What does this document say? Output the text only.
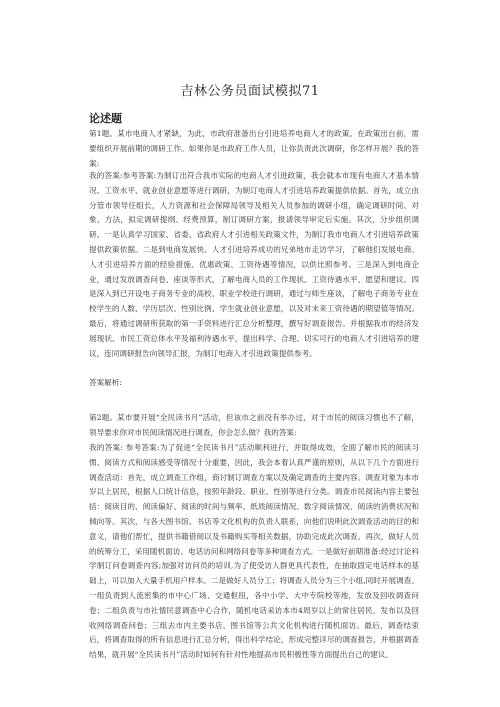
吉林公务员面试模拟71
论述题
第1题。某市电商人才紧缺，为此，市政府准备出台引进培养电商人才的政策。在政策出台前，需要组织开展前期的调研工作。如果你是市政府工作人员，让你负责此次调研，你怎样开展？我的答案:
我的答案:参考答案:为制订出符合我市实际的电商人才引进政策，我会就本市现有电商人才基本情况、工资水平、就业创业意愿等进行调研，为制订电商人才引进培养政策提供依据。首先，成立由分管市领导任组长，人力资源和社会保障局领导及相关人员参加的调研小组，确定调研时间、对象、方法，拟定调研提纲、经费预算，制订调研方案，报请领导审定后实施。其次，分步组织调研。一是认真学习国家、省委、省政府人才引进相关政策文件，为制订我市电商人才引进培养政策提供政策依据。二是到电商发展快、人才引进培养成功的兄弟地市走访学习，了解他们发展电商、人才引进培养方面的经验措施、优惠政策、工资待遇等情况，以供比照参考。三是深入到电商企业，通过发放调查问卷、座谈等形式，了解电商人员的工作现状、工资待遇水平、愿望和建议。四是深入到已开设电子商务专业的高校、职业学校进行调研，通过与师生座谈，了解电子商务专业在校学生的人数、学历层次、性别比例、学生就业创业意愿，以及对未来工资待遇的期望值等情况。最后，将通过调研所获取的第一手资料进行汇总分析整理，撰写好调查报告。并根据我市的经济发展现状、市民工资总体水平及福利待遇水平，提出科学、合理、切实可行的电商人才引进培养的建议，连同调研报告向领导汇报，为制订电商人才引进政策提供参考。
答案解析:
第2题。某市要开展“全民读书月”活动，但该市之前没有举办过，对于市民的阅读习惯也不了解，领导要求你对市民阅读情况进行调查，你会怎么做？我的答案:
我的答案: 参考答案:为了促进“全民读书月”活动顺利进行，并取得成效，全面了解市民的阅读习惯、阅读方式和阅读感受等情况十分重要，因此，我会本着认真严谨的原则，从以下几个方面进行调查活动：首先，成立调查工作组，商讨制订调查方案以及确定调查的主要内容。调查对象为本市岁以上居民，根据人口统计信息，按照年龄段、职业、性别等进行分类。调查市民阅读内容主要包括：阅读目的、阅读偏好、阅读的时间与频率、纸质阅读情况、数字阅读情况、阅读的消费状况和倾向等。其次，与各大图书馆、书店等文化机构的负责人联系，向他们说明此次调查活动的目的和意义，请他们帮忙，提供书籍借阅以及书籍购买等相关数据，协助完成此次调查。再次，做好人员的统筹分工，采用随机面访、电话访问和网络问卷等多种调查方式。一是做好前期准备:经过讨论科学制订问卷调查内容;加强对访问员的培训,为了使受访人群更具代表性，在抽取固定电话样本的基础上，可以加入大量手机用户样本。二是做好人员分工；将调查人员分为三个小组,同时开展调查。一组负责到人流密集的市中心广场、交通枢纽，各中小学、大中专院校等地，发放及回收调查问卷；二组负责与市社情民意调查中心合作，随机电话采访本市4周岁以上的常住居民，发布以及回收网络调查问卷；三组去市内主要书店、图书馆等公共文化机构进行随机面访。最后，调查结束后，将调查取得的所有信息进行汇总分析，得出科学结论，形成完整详尽的调查报告，并根据调查结果，就开展“全民读书月”活动时如何有针对性地提高市民积极性等方面提出自己的建议。
